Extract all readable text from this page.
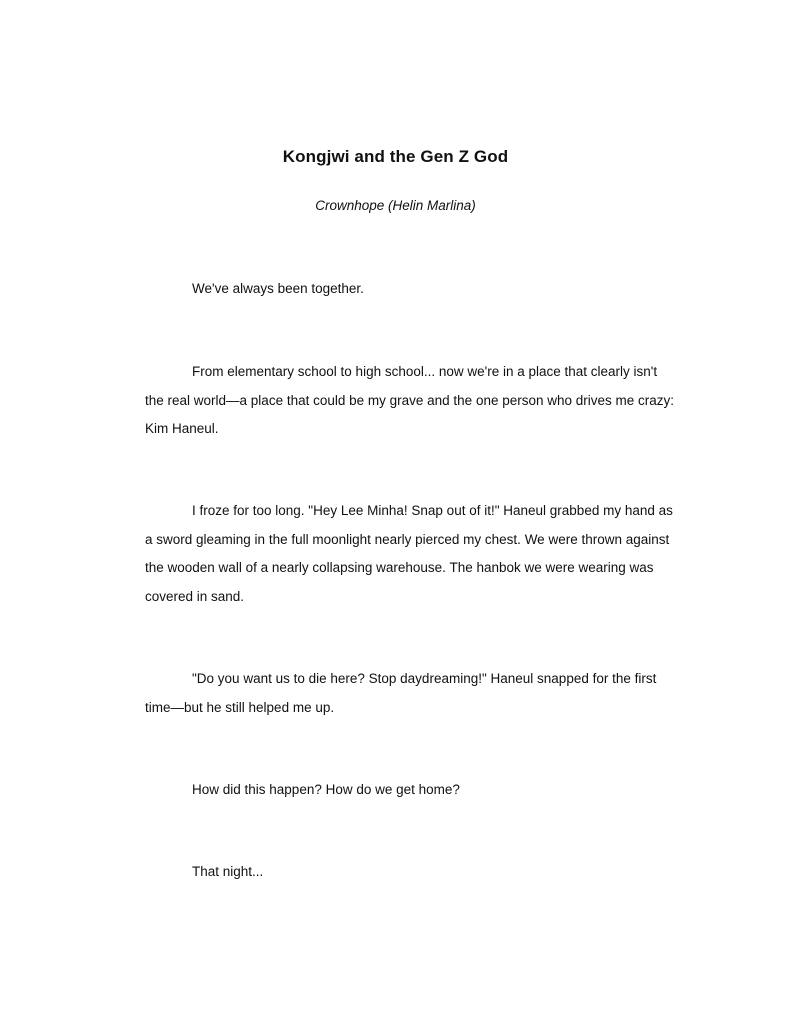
Kongjwi and the Gen Z God
Crownhope (Helin Marlina)

We've always been together.

From elementary school to high school... now we're in a place that clearly isn't the real world—a place that could be my grave and the one person who drives me crazy: Kim Haneul.

I froze for too long. "Hey Lee Minha! Snap out of it!" Haneul grabbed my hand as a sword gleaming in the full moonlight nearly pierced my chest. We were thrown against the wooden wall of a nearly collapsing warehouse. The hanbok we were wearing was covered in sand.

"Do you want us to die here? Stop daydreaming!" Haneul snapped for the first time—but he still helped me up.

How did this happen? How do we get home?

That night...
